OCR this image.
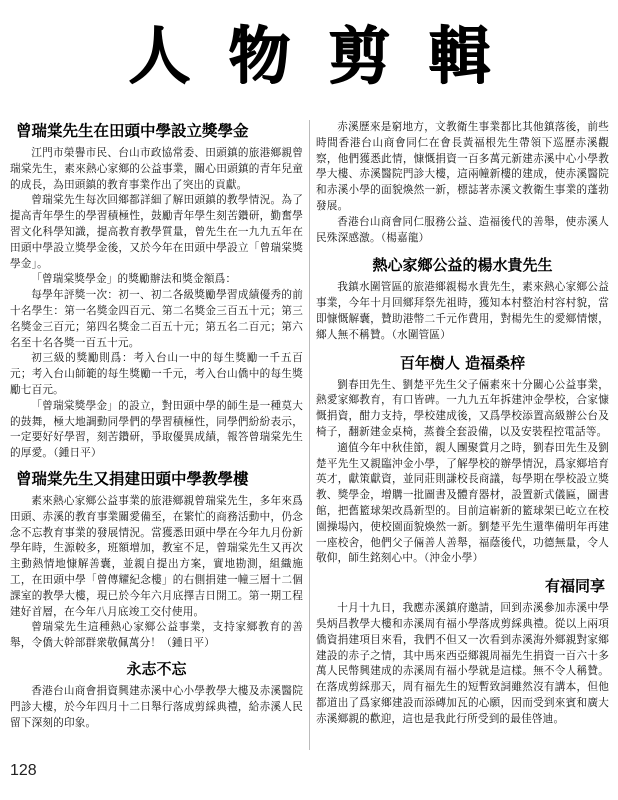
人物剪輯
曾瑞棠先生在田頭中學設立獎學金

江門市榮譽市民、台山市政協常委、田頭鎮的旅港鄉親曾瑞棠先生，素來熱心家鄉的公益事業，關心田頭鎮的青年兒童的成長，為田頭鎮的教育事業作出了突出的貢獻。

曾瑞棠先生每次回鄉都詳細了解田頭鎮的教學情況。為了提高青年學生的學習積極性，鼓勵青年學生刻苦鑽研，勤奮學習文化科學知識，提高教育教學質量，曾先生在一九九五年在田頭中學設立獎學金後，又於今年在田頭中學設立「曾瑞棠獎學金」。

「曾瑞棠獎學金」的獎勵辦法和獎金額爲：

每學年評獎一次：初一、初二各級獎勵學習成績優秀的前十名學生：第一名獎金四百元、第二名獎金三百五十元；第三名獎金三百元；第四名獎金二百五十元；第五名二百元；第六名至十名各獎一百五十元。

初三級的獎勵則爲：考入台山一中的每生獎勵一千五百元；考入台山師範的每生獎勵一千元，考入台山僑中的每生獎勵七百元。

「曾瑞棠獎學金」的設立，對田頭中學的師生是一種莫大的鼓舞，極大地調動同學們的學習積極性，同學們紛紛表示，一定要好好學習，刻苦鑽研，爭取優異成績，報答曾瑞棠先生的厚愛。（鍾日平）

曾瑞棠先生又捐建田頭中學教學樓

素來熱心家鄉公益事業的旅港鄉親曾瑞棠先生，多年來爲田頭、赤溪的教育事業關愛備至，在繁忙的商務活動中，仍念念不忘教育事業的發展情況。當獲悉田頭中學在今年九月份新學年時，生源較多，班額增加，教室不足，曾瑞棠先生又再次主動熱情地慷解善囊，並親自提出方案，實地勘測，組織施工，在田頭中學「曾傳耀紀念樓」的右側捐建一幢三層十二個課室的教學大樓，現已於今年六月底擇吉日開工。第一期工程建好首層，在今年八月底竣工交付使用。

曾瑞棠先生這種熱心家鄉公益事業，支持家鄉教育的善舉，令僑大幹部群衆敬佩萬分！（鍾日平）

永志不忘

香港台山商會捐資興建赤溪中心小學教學大樓及赤溪醫院門診大樓，於今年四月十二日舉行落成剪綵典禮，給赤溪人民留下深刻的印象。

赤溪歷來是窮地方，文教衛生事業都比其他鎮落後，前些時間香港台山商會同仁在會長黃福根先生帶領下巡歷赤溪觀察，他們獲悉此情，慷慨捐資一百多萬元新建赤溪中心小學教學大樓、赤溪醫院門診大樓，這兩幢新樓的建成，使赤溪醫院和赤溪小學的面貌煥然一新，標誌著赤溪文教衛生事業的蓬勃發展。

香港台山商會同仁服務公益、造福後代的善舉，使赤溪人民殊深感激。（楊嘉龍）

熱心家鄉公益的楊水貴先生

我鎮水圍管區的旅港鄉親楊水貴先生，素來熱心家鄉公益事業，今年十月回鄉拜祭先祖時，獲知本村整治村容村貌，當即慷慨解囊，贊助港幣二千元作費用，對楊先生的愛鄉情懷，鄉人無不稱贊。（水圍管區）

百年樹人 造福桑梓

劉春田先生、劉楚平先生父子倆素來十分關心公益事業，熱愛家鄉教育，有口皆碑。一九九五年拆建沖金學校，合家慷慨捐資，酣力支持，學校建成後，又爲學校添置高級辦公台及椅子，翻新建金桌椅，蒸養全套設備，以及安裝程控電話等。

適值今年中秋佳節，親人團聚賞月之時，劉春田先生及劉楚平先生又親臨沖金小學，了解學校的辦學情況，爲家鄉培育英才，獻策獻資，並同莊則謙校長商議，每學期在學校設立獎教、獎學金，增購一批圖書及體育器材，設置新式儀匾，圖書館，把舊籃球架改爲新型的。目前這嶄新的籃球架已屹立在校園操場內，使校園面貌煥然一新。劉楚平先生還準備明年再建一座校舍，他們父子倆善人善舉，福蔭後代，功德無量，令人敬仰，師生銘刻心中。（沖金小學）

有福同享

十月十九日，我應赤溪鎮府邀請，回到赤溪參加赤溪中學吳炳昌教學大樓和赤溪周有福小學落成剪綵典禮。從以上兩項僑資捐建項目來看，我們不但又一次看到赤溪海外鄉親對家鄉建設的赤子之情，其中馬來西亞鄉親周福先生捐資一百六十多萬人民幣興建成的赤溪周有福小學就是這樣。無不令人稱贊。在落成剪綵那天，周有福先生的短暫致詞雖然沒有講本，但他都道出了爲家鄉建設而添磚加瓦的心願，因而受到來賓和廣大赤溪鄉親的歡迎，這也是我此行所受到的最佳啓迪。

128
